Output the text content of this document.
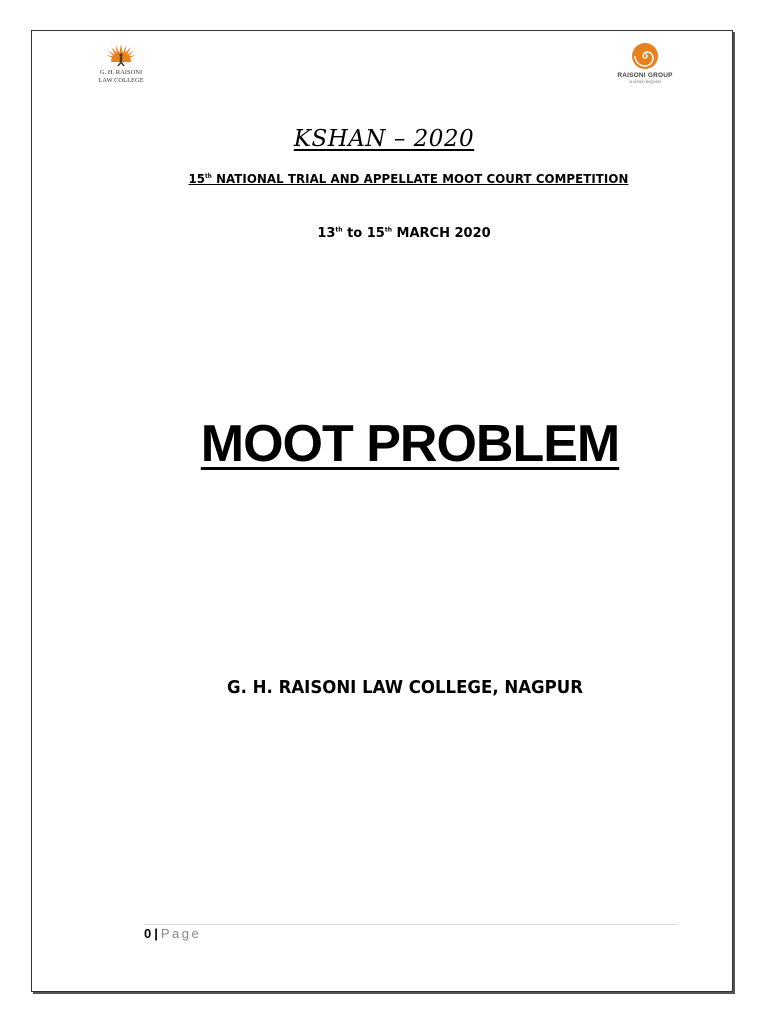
G. H. RAISONI
LAW COLLEGE
RAISONI GROUP
a vision beyond
KSHAN – 2020
15th NATIONAL TRIAL AND APPELLATE MOOT COURT COMPETITION
13th to 15th MARCH 2020
MOOT PROBLEM
G. H. RAISONI LAW COLLEGE, NAGPUR
0 | Page
